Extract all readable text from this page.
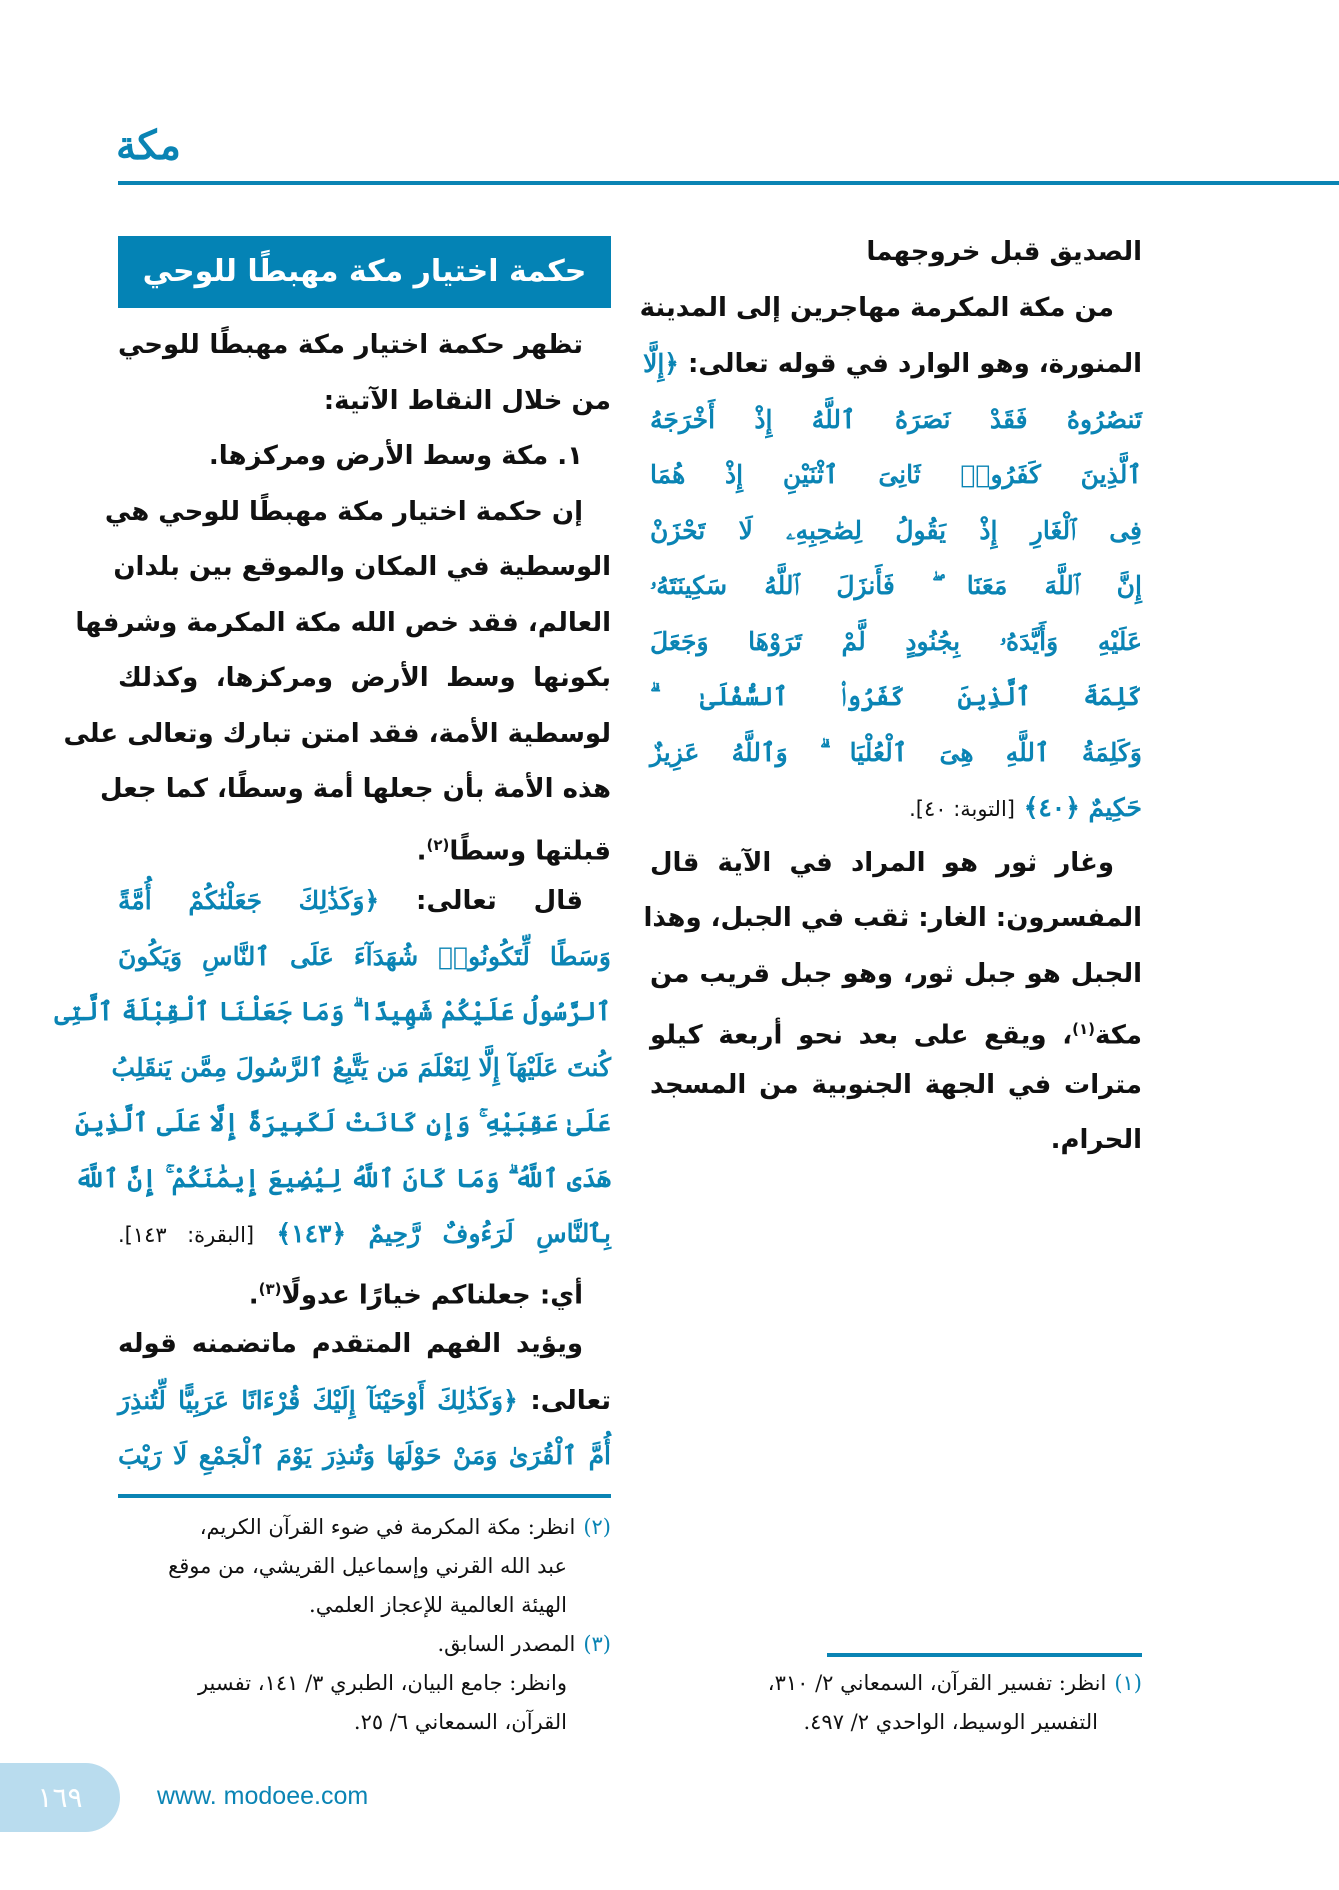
مكة
حكمة اختيار مكة مهبطًا للوحي
الصديق قبل خروجهما
من مكة المكرمة مهاجرين إلى المدينة
المنورة، وهو الوارد في قوله تعالى: ﴿إِلَّا
تَنصُرُوهُ فَقَدْ نَصَرَهُ ٱللَّهُ إِذْ أَخْرَجَهُ
ٱلَّذِينَ كَفَرُوا۟ ثَانِىَ ٱثْنَيْنِ إِذْ هُمَا
فِى ٱلْغَارِ إِذْ يَقُولُ لِصَٰحِبِهِۦ لَا تَحْزَنْ
إِنَّ ٱللَّهَ مَعَنَا ۖ فَأَنزَلَ ٱللَّهُ سَكِينَتَهُۥ
عَلَيْهِ وَأَيَّدَهُۥ بِجُنُودٍ لَّمْ تَرَوْهَا وَجَعَلَ
كَلِمَةَ ٱلَّذِينَ كَفَرُوا۟ ٱلسُّفْلَىٰ ۗ
وَكَلِمَةُ ٱللَّهِ هِىَ ٱلْعُلْيَا ۗ وَٱللَّهُ عَزِيزٌ
حَكِيمٌ ﴿٤٠﴾ [التوبة: ٤٠].
وغار ثور هو المراد في الآية قال
المفسرون: الغار: ثقب في الجبل، وهذا
الجبل هو جبل ثور، وهو جبل قريب من
مكة$^{(١)}$، ويقع على بعد نحو أربعة كيلو
مترات في الجهة الجنوبية من المسجد
الحرام.
تظهر حكمة اختيار مكة مهبطًا للوحي
من خلال النقاط الآتية:
١. مكة وسط الأرض ومركزها.
إن حكمة اختيار مكة مهبطًا للوحي هي
الوسطية في المكان والموقع بين بلدان
العالم، فقد خص الله مكة المكرمة وشرفها
بكونها وسط الأرض ومركزها، وكذلك
لوسطية الأمة، فقد امتن تبارك وتعالى على
هذه الأمة بأن جعلها أمة وسطًا، كما جعل
قبلتها وسطًا$^{(٢)}$.
قال تعالى: ﴿وَكَذَٰلِكَ جَعَلْنَٰكُمْ أُمَّةً
وَسَطًا لِّتَكُونُوا۟ شُهَدَآءَ عَلَى ٱلنَّاسِ وَيَكُونَ
ٱلرَّسُولُ عَلَيْكُمْ شَهِيدًا ۗ وَمَا جَعَلْنَا ٱلْقِبْلَةَ ٱلَّتِى
كُنتَ عَلَيْهَآ إِلَّا لِنَعْلَمَ مَن يَتَّبِعُ ٱلرَّسُولَ مِمَّن يَنقَلِبُ
عَلَىٰ عَقِبَيْهِ ۚ وَإِن كَانَتْ لَكَبِيرَةً إِلَّا عَلَى ٱلَّذِينَ
هَدَى ٱللَّهُ ۗ وَمَا كَانَ ٱللَّهُ لِيُضِيعَ إِيمَٰنَكُمْ ۚ إِنَّ ٱللَّهَ
بِٱلنَّاسِ لَرَءُوفٌ رَّحِيمٌ ﴿١٤٣﴾ [البقرة: ١٤٣].
أي: جعلناكم خيارًا عدولًا$^{(٣)}$.
ويؤيد الفهم المتقدم ماتضمنه قوله
تعالى: ﴿وَكَذَٰلِكَ أَوْحَيْنَآ إِلَيْكَ قُرْءَانًا عَرَبِيًّا لِّتُنذِرَ
أُمَّ ٱلْقُرَىٰ وَمَنْ حَوْلَهَا وَتُنذِرَ يَوْمَ ٱلْجَمْعِ لَا رَيْبَ
(٢)انظر: مكة المكرمة في ضوء القرآن الكريم،
عبد الله القرني وإسماعيل القريشي، من موقع
الهيئة العالمية للإعجاز العلمي.
(٣)المصدر السابق.
وانظر: جامع البيان، الطبري ٣/ ١٤١، تفسير
القرآن، السمعاني ٦/ ٢٥.
(١)انظر: تفسير القرآن، السمعاني ٢/ ٣١٠،
التفسير الوسيط، الواحدي ٢/ ٤٩٧.
١٦٩	www. modoee.com
